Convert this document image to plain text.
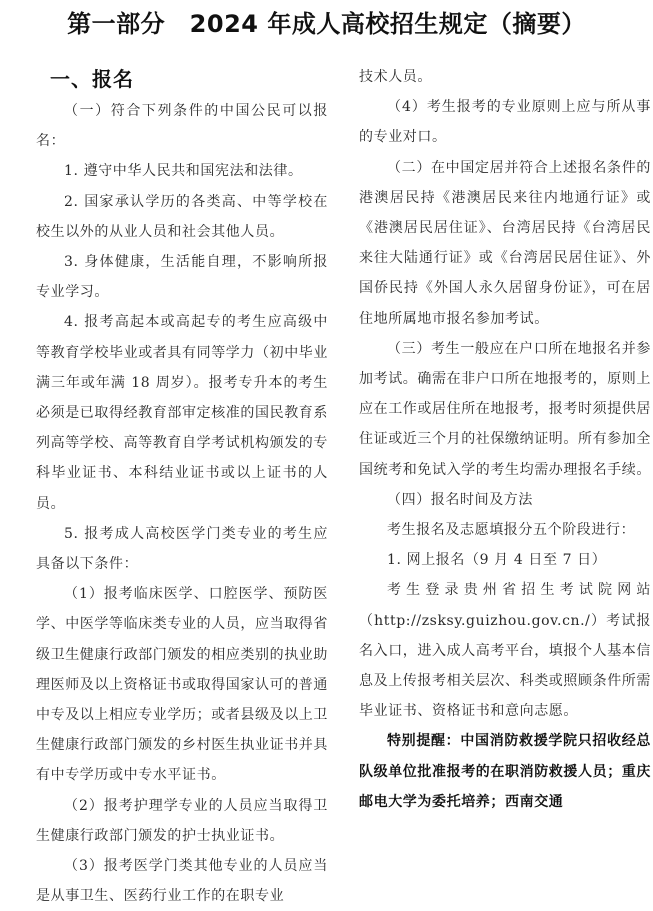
第一部分　2024 年成人高校招生规定（摘要）

一、报名

（一）符合下列条件的中国公民可以报名：

1. 遵守中华人民共和国宪法和法律。

2. 国家承认学历的各类高、中等学校在校生以外的从业人员和社会其他人员。

3. 身体健康，生活能自理，不影响所报专业学习。

4. 报考高起本或高起专的考生应高级中等教育学校毕业或者具有同等学力（初中毕业满三年或年满 18 周岁）。报考专升本的考生必须是已取得经教育部审定核准的国民教育系列高等学校、高等教育自学考试机构颁发的专科毕业证书、本科结业证书或以上证书的人员。

5. 报考成人高校医学门类专业的考生应具备以下条件：

（1）报考临床医学、口腔医学、预防医学、中医学等临床类专业的人员，应当取得省级卫生健康行政部门颁发的相应类别的执业助理医师及以上资格证书或取得国家认可的普通中专及以上相应专业学历；或者县级及以上卫生健康行政部门颁发的乡村医生执业证书并具有中专学历或中专水平证书。

（2）报考护理学专业的人员应当取得卫生健康行政部门颁发的护士执业证书。

（3）报考医学门类其他专业的人员应当是从事卫生、医药行业工作的在职专业

技术人员。

（4）考生报考的专业原则上应与所从事的专业对口。

（二）在中国定居并符合上述报名条件的港澳居民持《港澳居民来往内地通行证》或《港澳居民居住证》、台湾居民持《台湾居民来往大陆通行证》或《台湾居民居住证》、外国侨民持《外国人永久居留身份证》，可在居住地所属地市报名参加考试。

（三）考生一般应在户口所在地报名并参加考试。确需在非户口所在地报考的，原则上应在工作或居住所在地报考，报考时须提供居住证或近三个月的社保缴纳证明。所有参加全国统考和免试入学的考生均需办理报名手续。

（四）报名时间及方法

考生报名及志愿填报分五个阶段进行：

1. 网上报名（9 月 4 日至 7 日）

考生登录贵州省招生考试院网站（http://zsksy.guizhou.gov.cn./）考试报名入口，进入成人高考平台，填报个人基本信息及上传报考相关层次、科类或照顾条件所需毕业证书、资格证书和意向志愿。

特别提醒：中国消防救援学院只招收经总队级单位批准报考的在职消防救援人员；重庆邮电大学为委托培养；西南交通
